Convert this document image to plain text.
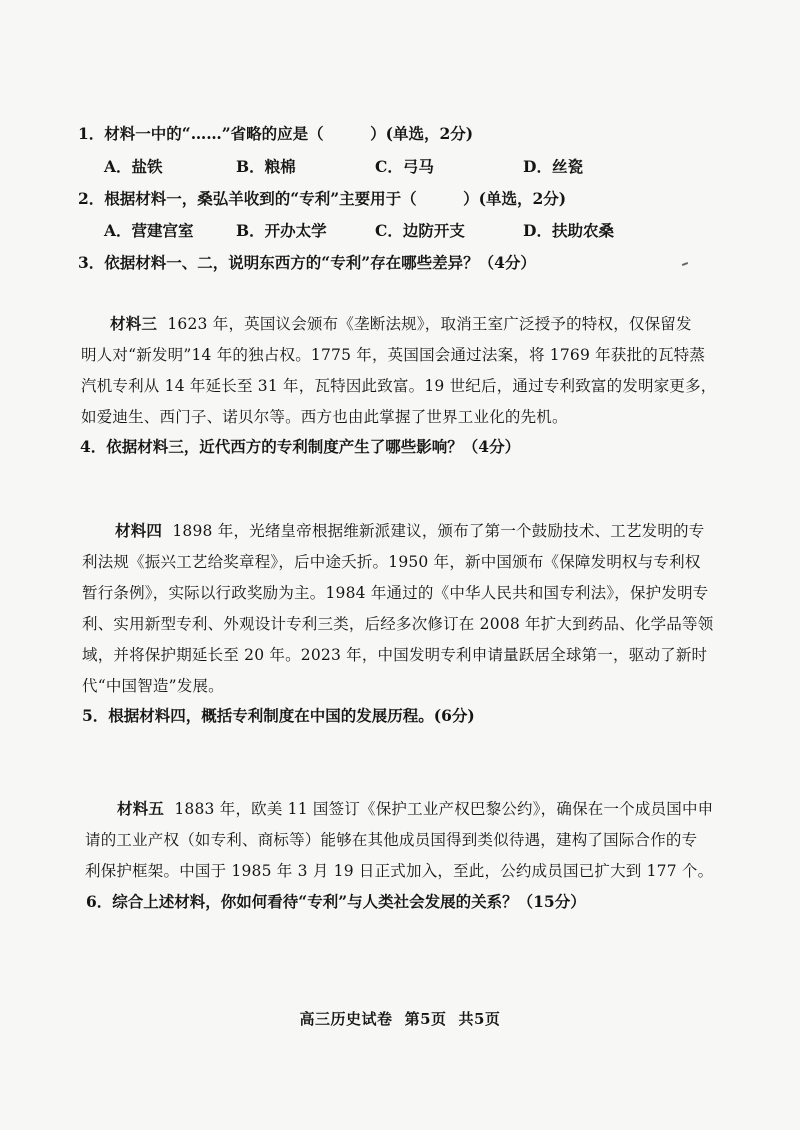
1．材料一中的“……”省略的应是（　　　）(单选，2分)
A．盐铁	B．粮棉	C．弓马	D．丝瓷
2．根据材料一，桑弘羊收到的“专利”主要用于（　　　）(单选，2分)
A．营建宫室	B．开办太学	C．边防开支	D．扶助农桑
3．依据材料一、二，说明东西方的“专利”存在哪些差异？（4分）
材料三 1623 年，英国议会颁布《垄断法规》，取消王室广泛授予的特权，仅保留发
明人对“新发明”14 年的独占权。1775 年，英国国会通过法案，将 1769 年获批的瓦特蒸
汽机专利从 14 年延长至 31 年，瓦特因此致富。19 世纪后，通过专利致富的发明家更多，
如爱迪生、西门子、诺贝尔等。西方也由此掌握了世界工业化的先机。
4．依据材料三，近代西方的专利制度产生了哪些影响？（4分）
材料四 1898 年，光绪皇帝根据维新派建议，颁布了第一个鼓励技术、工艺发明的专
利法规《振兴工艺给奖章程》，后中途夭折。1950 年，新中国颁布《保障发明权与专利权
暂行条例》，实际以行政奖励为主。1984 年通过的《中华人民共和国专利法》，保护发明专
利、实用新型专利、外观设计专利三类，后经多次修订在 2008 年扩大到药品、化学品等领
域，并将保护期延长至 20 年。2023 年，中国发明专利申请量跃居全球第一，驱动了新时
代“中国智造”发展。
5．根据材料四，概括专利制度在中国的发展历程。(6分)
材料五 1883 年，欧美 11 国签订《保护工业产权巴黎公约》，确保在一个成员国中申
请的工业产权（如专利、商标等）能够在其他成员国得到类似待遇，建构了国际合作的专
利保护框架。中国于 1985 年 3 月 19 日正式加入，至此，公约成员国已扩大到 177 个。
6．综合上述材料，你如何看待“专利”与人类社会发展的关系？（15分）
高三历史试卷 第5页 共5页
